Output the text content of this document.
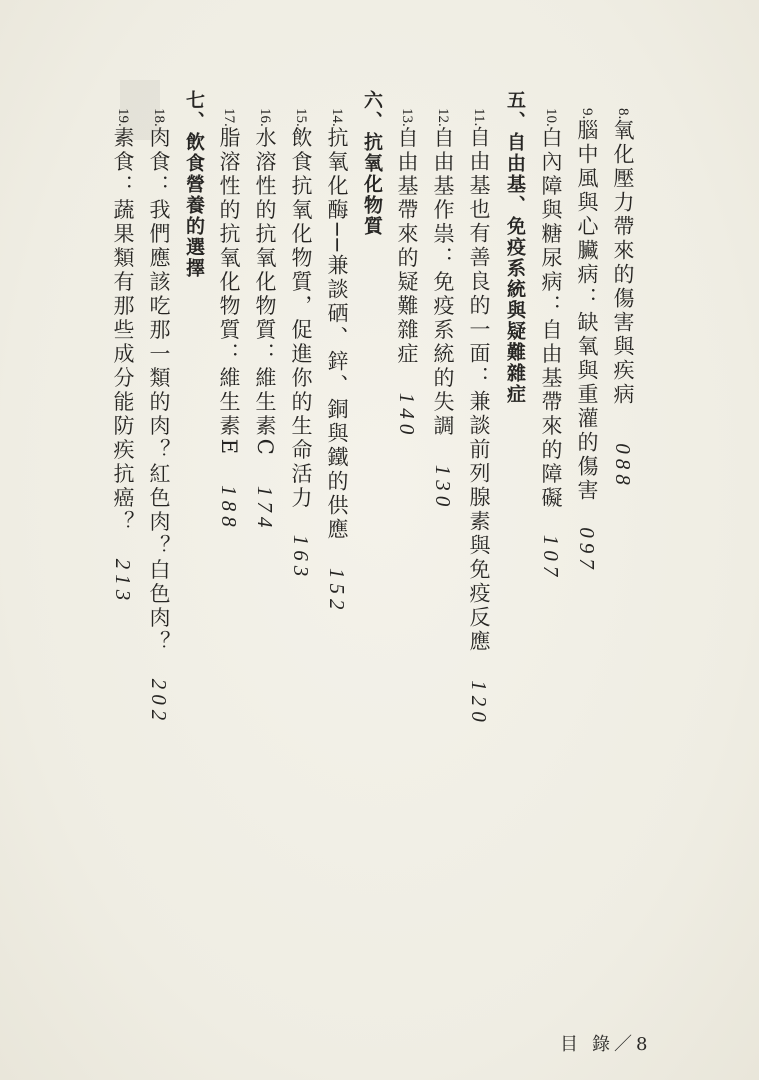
8.氧化壓力帶來的傷害與疾病088
9.腦中風與心臟病：缺氧與重灌的傷害097
10.白內障與糖尿病：自由基帶來的障礙107
五、自由基、免疫系統與疑難雜症
11.自由基也有善良的一面：兼談前列腺素與免疫反應120
12.自由基作祟：免疫系統的失調130
13.自由基帶來的疑難雜症140
六、抗氧化物質
14.抗氧化酶──兼談硒、鋅、銅與鐵的供應152
15.飲食抗氧化物質，促進你的生命活力163
16.水溶性的抗氧化物質：維生素C174
17.脂溶性的抗氧化物質：維生素E188
七、飲食營養的選擇
18.肉食：我們應該吃那一類的肉？紅色肉？白色肉？202
19.素食：蔬果類有那些成分能防疾抗癌？213
目 錄 ／ 8
